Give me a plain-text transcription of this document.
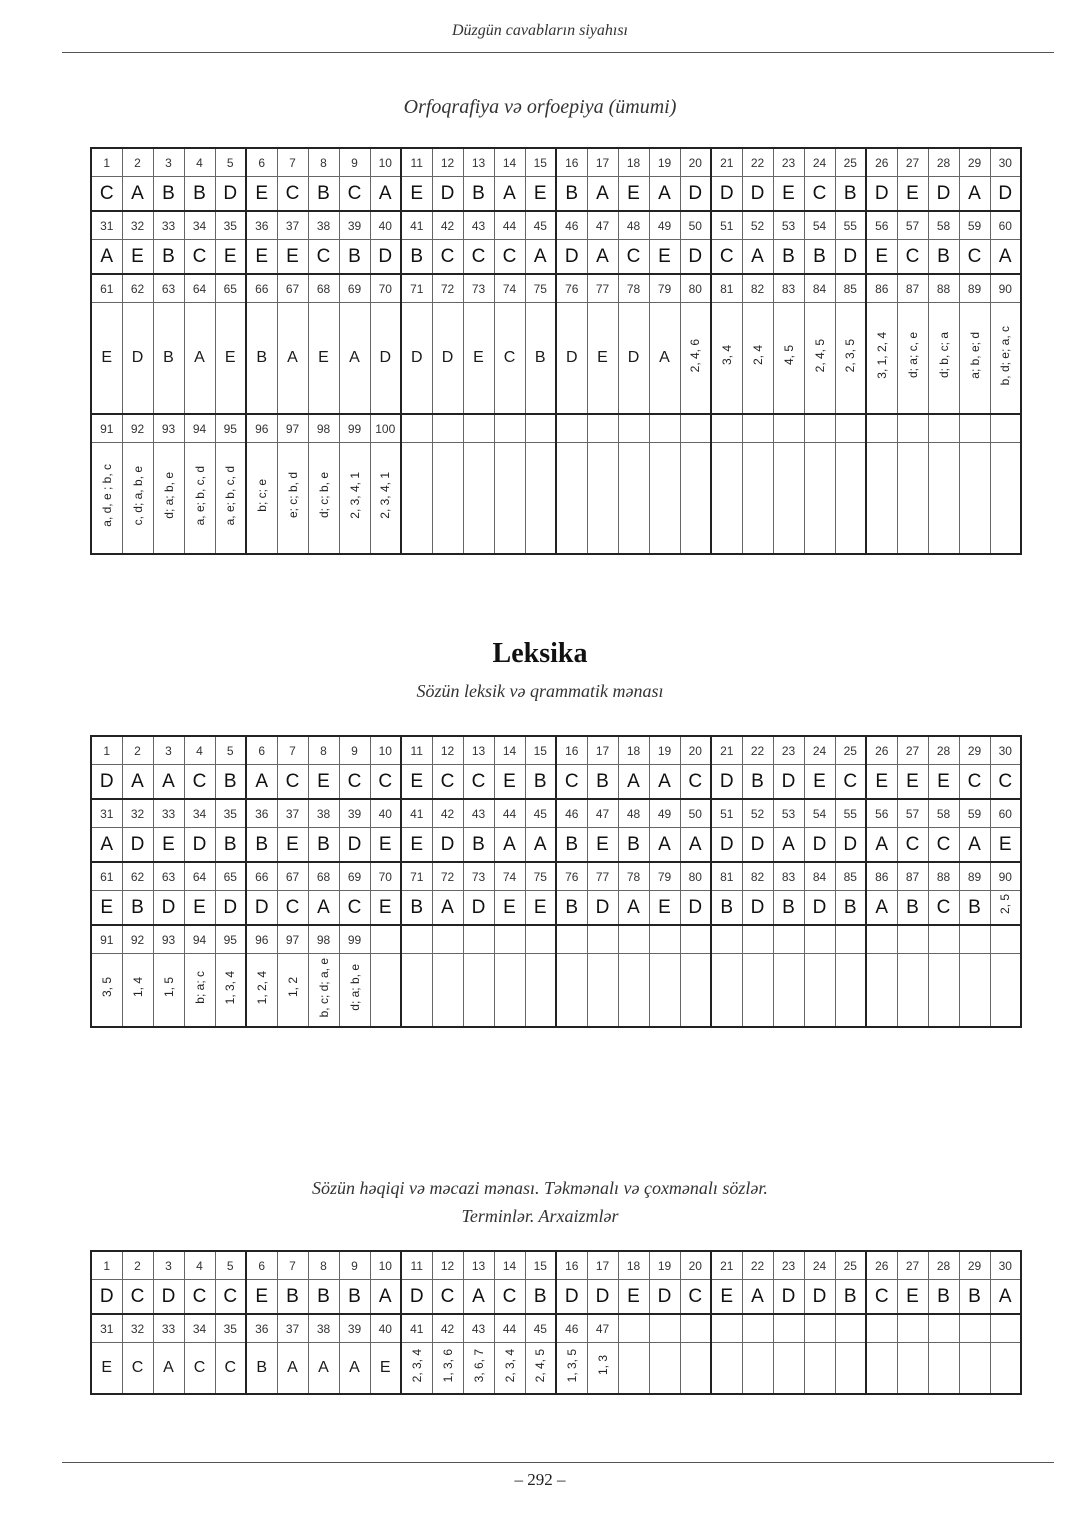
Düzgün cavabların siyahısı
Orfoqrafiya və orfoepiya (ümumi)
1	2	3	4	5	6	7	8	9	10	11	12	13	14	15	16	17	18	19	20	21	22	23	24	25	26	27	28	29	30
C	A	B	B	D	E	C	B	C	A	E	D	B	A	E	B	A	E	A	D	D	D	E	C	B	D	E	D	A	D
31	32	33	34	35	36	37	38	39	40	41	42	43	44	45	46	47	48	49	50	51	52	53	54	55	56	57	58	59	60
A	E	B	C	E	E	E	C	B	D	B	C	C	C	A	D	A	C	E	D	C	A	B	B	D	E	C	B	C	A
61	62	63	64	65	66	67	68	69	70	71	72	73	74	75	76	77	78	79	80	81	82	83	84	85	86	87	88	89	90
E	D	B	A	E	B	A	E	A	D	D	D	E	C	B	D	E	D	A	2, 4, 6	3, 4	2, 4	4, 5	2, 4, 5	2, 3, 5	3, 1, 2, 4	d; a; c, e	d; b, c; a	a; b, e; d	b, d; e; a, c
91	92	93	94	95	96	97	98	99	100																				
a, d, e ; b, c	c, d; a, b, e	d; a; b, e	a, e; b, c, d	a, e; b, c, d	b; c; e	e; c; b, d	d; c; b, e	2, 3, 4, 1	2, 3, 4, 1																				
Leksika
Sözün leksik və qrammatik mənası
1	2	3	4	5	6	7	8	9	10	11	12	13	14	15	16	17	18	19	20	21	22	23	24	25	26	27	28	29	30
D	A	A	C	B	A	C	E	C	C	E	C	C	E	B	C	B	A	A	C	D	B	D	E	C	E	E	E	C	C
31	32	33	34	35	36	37	38	39	40	41	42	43	44	45	46	47	48	49	50	51	52	53	54	55	56	57	58	59	60
A	D	E	D	B	B	E	B	D	E	E	D	B	A	A	B	E	B	A	A	D	D	A	D	D	A	C	C	A	E
61	62	63	64	65	66	67	68	69	70	71	72	73	74	75	76	77	78	79	80	81	82	83	84	85	86	87	88	89	90
E	B	D	E	D	D	C	A	C	E	B	A	D	E	E	B	D	A	E	D	B	D	B	D	B	A	B	C	B	2, 5
91	92	93	94	95	96	97	98	99																					
3, 5	1, 4	1, 5	b; a; c	1, 3, 4	1, 2, 4	1, 2	b, c; d; a, e	d; a; b, e																					
Sözün həqiqi və məcazi mənası. Təkmənalı və çoxmənalı sözlər.
Terminlər. Arxaizmlər
1	2	3	4	5	6	7	8	9	10	11	12	13	14	15	16	17	18	19	20	21	22	23	24	25	26	27	28	29	30
D	C	D	C	C	E	B	B	B	A	D	C	A	C	B	D	D	E	D	C	E	A	D	D	B	C	E	B	B	A
31	32	33	34	35	36	37	38	39	40	41	42	43	44	45	46	47													
E	C	A	C	C	B	A	A	A	E	2, 3, 4	1, 3, 6	3, 6, 7	2, 3, 4	2, 4, 5	1, 3, 5	1, 3													
– 292 –
